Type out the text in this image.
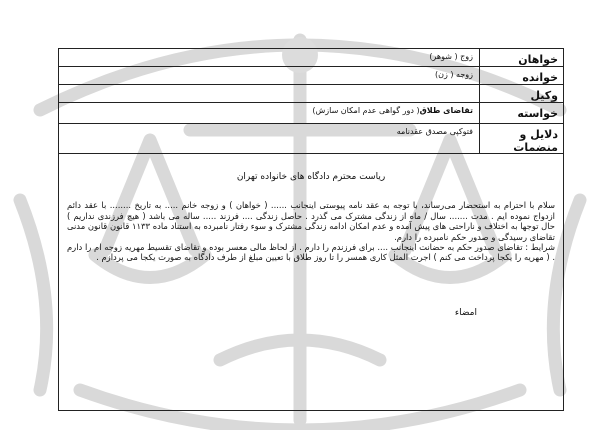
خواهان
زوج ( شوهر)
خوانده
زوجه ( زن)
وکیل
خواسته
تقاضای طلاق( دور گواهی عدم امکان سازش)
دلایل و منضمات
فتوکپی مصدق عقدنامه
ریاست محترم دادگاه های خانواده تهران
سلام با احترام به استحضار می‌رساند، با توجه به عقد نامه پیوستی اینجانب ...... ( خواهان ) و زوجه خانم ..... به تاریخ ........ با عقد دائم ازدواج نموده ایم . مدت ....... سال / ماه از زندگی مشترک می گذرد . حاصل زندگی .... فرزند ..... ساله می باشد ( هیچ فرزندی نداریم ) حال توجها به اختلاف و ناراحتی های پیش آمده و عدم امکان ادامه زندگی مشترک و سوء رفتار نامبرده به استناد ماده ۱۱۳۳ قانون قانون مدنی تقاضای رسیدگی و صدور حکم نامبرده را دارم.
شرایط : تقاضای صدور حکم به حضانت اینجانب .... برای فرزندم را دارم . از لحاظ مالی معسر بوده و تقاضای تقسیط مهریه زوجه ام را دارم . ( مهریه را یکجا پرداخت می کنم ) اجرت المثل کاری همسر را تا روز طلاق با تعیین مبلغ از طرف دادگاه به صورت یکجا می پردازم .
امضاء
